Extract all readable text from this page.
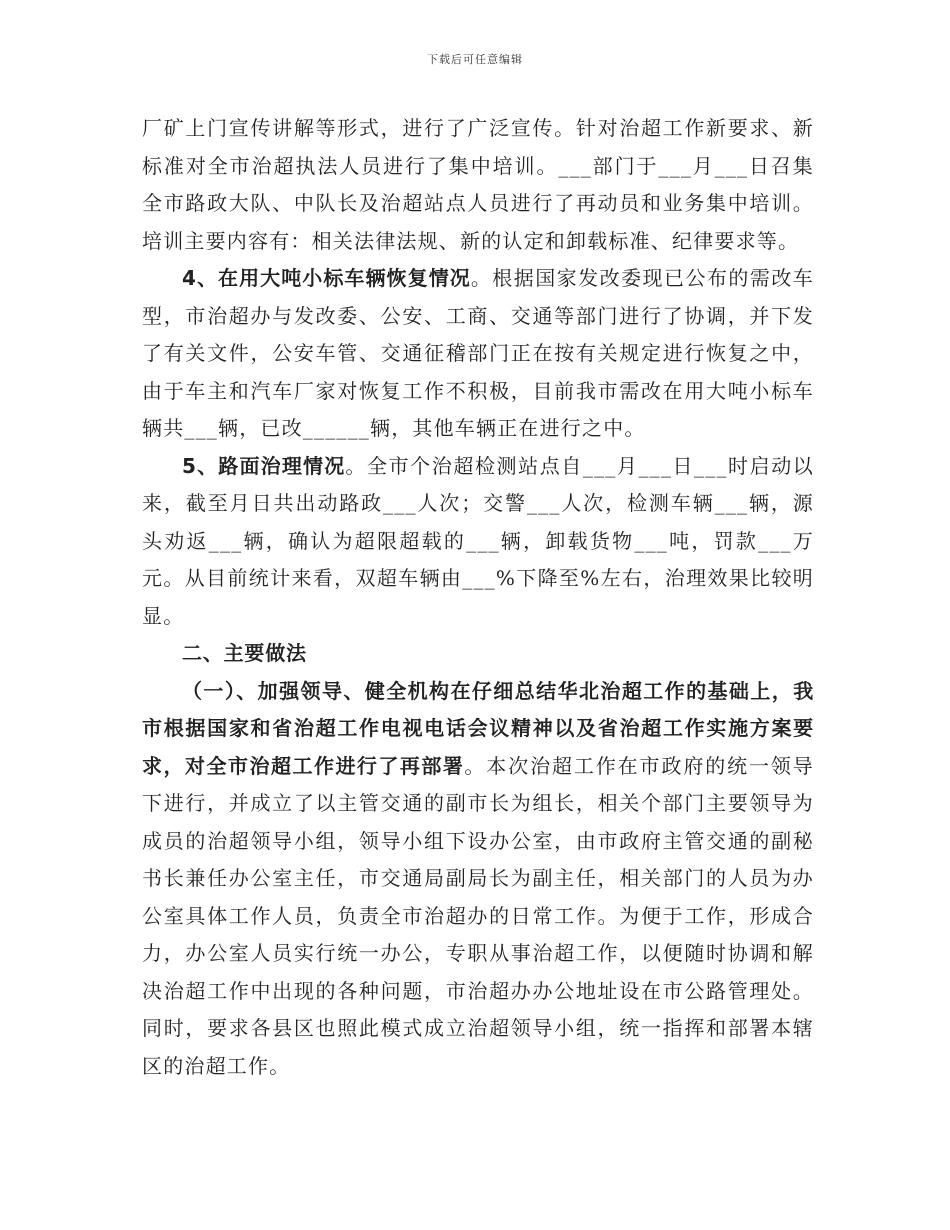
下载后可任意编辑

厂矿上门宣传讲解等形式，进行了广泛宣传。针对治超工作新要求、新标准对全市治超执法人员进行了集中培训。___部门于___月___日召集全市路政大队、中队长及治超站点人员进行了再动员和业务集中培训。培训主要内容有：相关法律法规、新的认定和卸载标准、纪律要求等。

4、在用大吨小标车辆恢复情况。根据国家发改委现已公布的需改车型，市治超办与发改委、公安、工商、交通等部门进行了协调，并下发了有关文件，公安车管、交通征稽部门正在按有关规定进行恢复之中，由于车主和汽车厂家对恢复工作不积极，目前我市需改在用大吨小标车辆共___辆，已改______辆，其他车辆正在进行之中。

5、路面治理情况。全市个治超检测站点自___月___日___时启动以来，截至月日共出动路政___人次；交警___人次，检测车辆___辆，源头劝返___辆，确认为超限超载的___辆，卸载货物___吨，罚款___万元。从目前统计来看，双超车辆由___%下降至%左右，治理效果比较明显。

二、主要做法

（一）、加强领导、健全机构在仔细总结华北治超工作的基础上，我市根据国家和省治超工作电视电话会议精神以及省治超工作实施方案要求，对全市治超工作进行了再部署。本次治超工作在市政府的统一领导下进行，并成立了以主管交通的副市长为组长，相关个部门主要领导为成员的治超领导小组，领导小组下设办公室，由市政府主管交通的副秘书长兼任办公室主任，市交通局副局长为副主任，相关部门的人员为办公室具体工作人员，负责全市治超办的日常工作。为便于工作，形成合力，办公室人员实行统一办公，专职从事治超工作，以便随时协调和解决治超工作中出现的各种问题，市治超办办公地址设在市公路管理处。同时，要求各县区也照此模式成立治超领导小组，统一指挥和部署本辖区的治超工作。
